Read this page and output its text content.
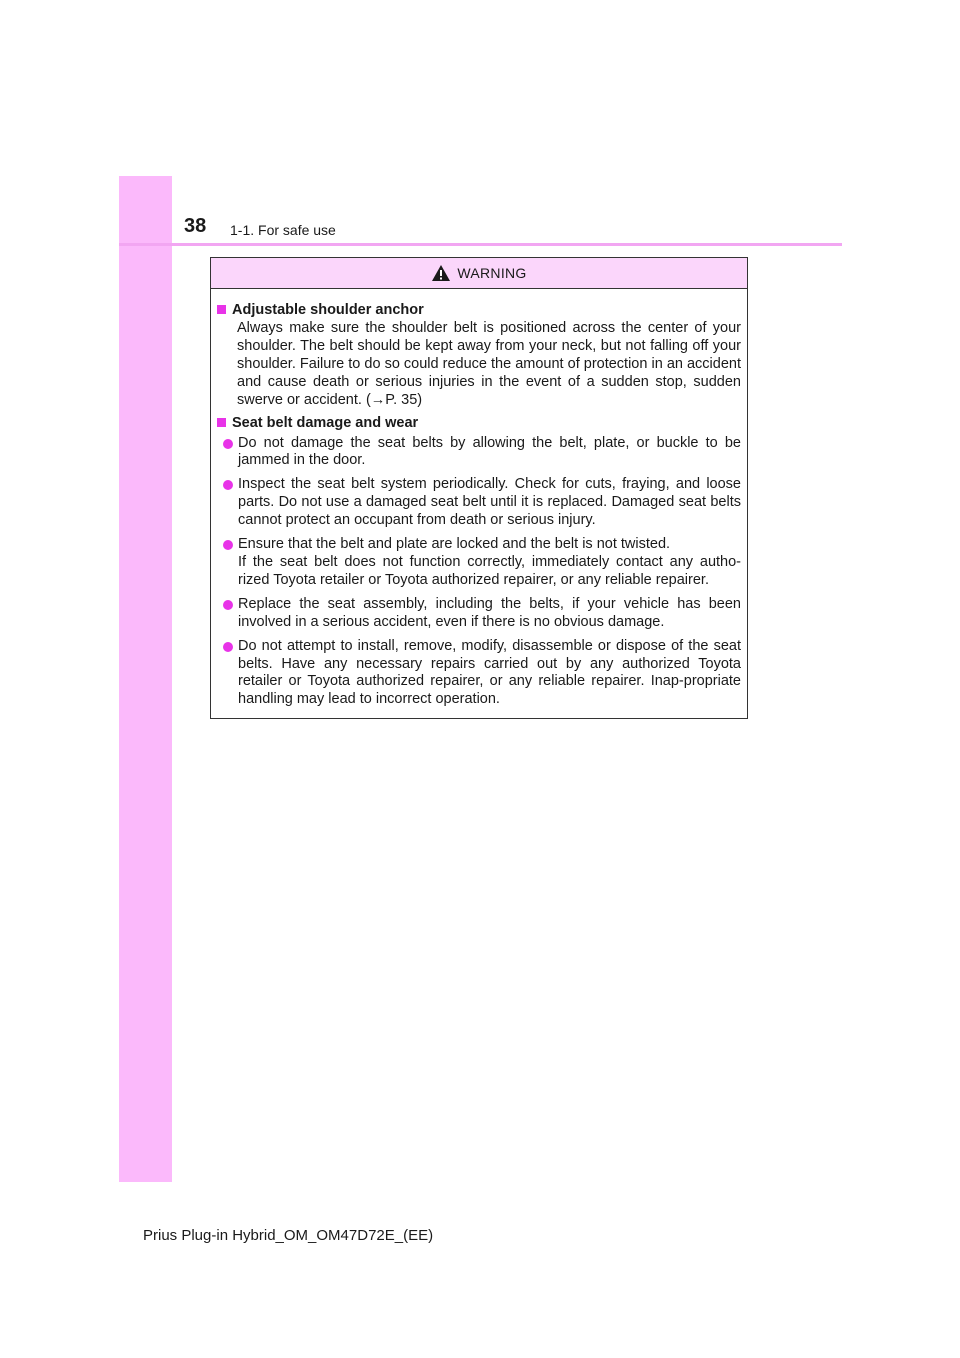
38 1-1. For safe use
WARNING
Adjustable shoulder anchor

Always make sure the shoulder belt is positioned across the center of your shoulder. The belt should be kept away from your neck, but not falling off your shoulder. Failure to do so could reduce the amount of protection in an accident and cause death or serious injuries in the event of a sudden stop, sudden swerve or accident. (→P. 35)

Seat belt damage and wear
Do not damage the seat belts by allowing the belt, plate, or buckle to be jammed in the door.
Inspect the seat belt system periodically. Check for cuts, fraying, and loose parts. Do not use a damaged seat belt until it is replaced. Damaged seat belts cannot protect an occupant from death or serious injury.
Ensure that the belt and plate are locked and the belt is not twisted.
If the seat belt does not function correctly, immediately contact any autho-rized Toyota retailer or Toyota authorized repairer, or any reliable repairer.
Replace the seat assembly, including the belts, if your vehicle has been involved in a serious accident, even if there is no obvious damage.
Do not attempt to install, remove, modify, disassemble or dispose of the seat belts. Have any necessary repairs carried out by any authorized Toyota retailer or Toyota authorized repairer, or any reliable repairer. Inap-propriate handling may lead to incorrect operation.
Prius Plug-in Hybrid_OM_OM47D72E_(EE)
